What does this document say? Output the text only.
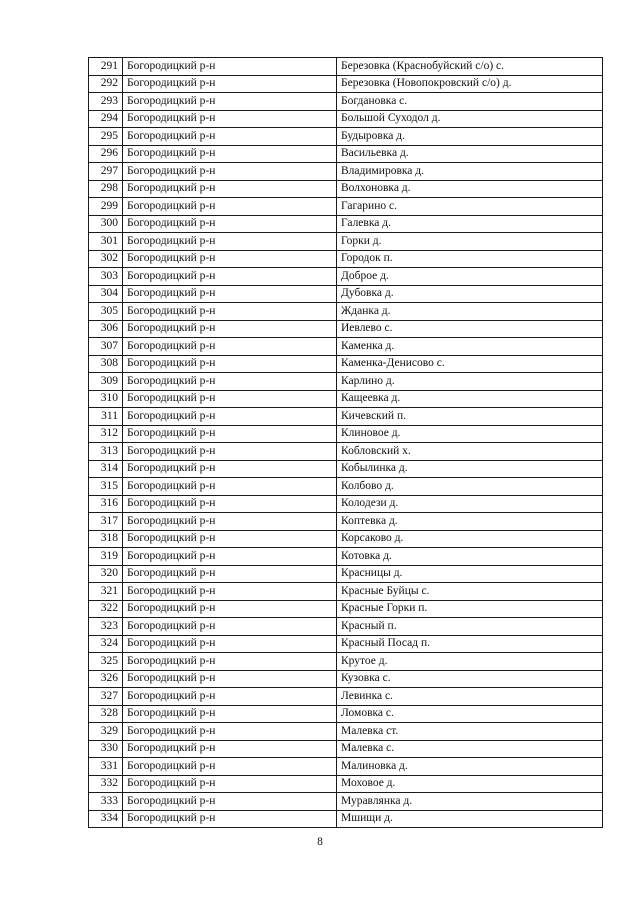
291	Богородицкий р-н	Березовка (Краснобуйский с/о) с.
292	Богородицкий р-н	Березовка (Новопокровский с/о) д.
293	Богородицкий р-н	Богдановка с.
294	Богородицкий р-н	Большой Суходол д.
295	Богородицкий р-н	Будыровка д.
296	Богородицкий р-н	Васильевка д.
297	Богородицкий р-н	Владимировка д.
298	Богородицкий р-н	Волхоновка д.
299	Богородицкий р-н	Гагарино с.
300	Богородицкий р-н	Галевка д.
301	Богородицкий р-н	Горки д.
302	Богородицкий р-н	Городок п.
303	Богородицкий р-н	Доброе д.
304	Богородицкий р-н	Дубовка д.
305	Богородицкий р-н	Жданка д.
306	Богородицкий р-н	Иевлево с.
307	Богородицкий р-н	Каменка д.
308	Богородицкий р-н	Каменка-Денисово с.
309	Богородицкий р-н	Карлино д.
310	Богородицкий р-н	Кащеевка д.
311	Богородицкий р-н	Кичевский п.
312	Богородицкий р-н	Клиновое д.
313	Богородицкий р-н	Кобловский х.
314	Богородицкий р-н	Кобылинка д.
315	Богородицкий р-н	Колбово д.
316	Богородицкий р-н	Колодези д.
317	Богородицкий р-н	Коптевка д.
318	Богородицкий р-н	Корсаково д.
319	Богородицкий р-н	Котовка д.
320	Богородицкий р-н	Красницы д.
321	Богородицкий р-н	Красные Буйцы с.
322	Богородицкий р-н	Красные Горки п.
323	Богородицкий р-н	Красный п.
324	Богородицкий р-н	Красный Посад п.
325	Богородицкий р-н	Крутое д.
326	Богородицкий р-н	Кузовка с.
327	Богородицкий р-н	Левинка с.
328	Богородицкий р-н	Ломовка с.
329	Богородицкий р-н	Малевка ст.
330	Богородицкий р-н	Малевка с.
331	Богородицкий р-н	Малиновка д.
332	Богородицкий р-н	Моховое д.
333	Богородицкий р-н	Муравлянка д.
334	Богородицкий р-н	Мшищи д.
8
